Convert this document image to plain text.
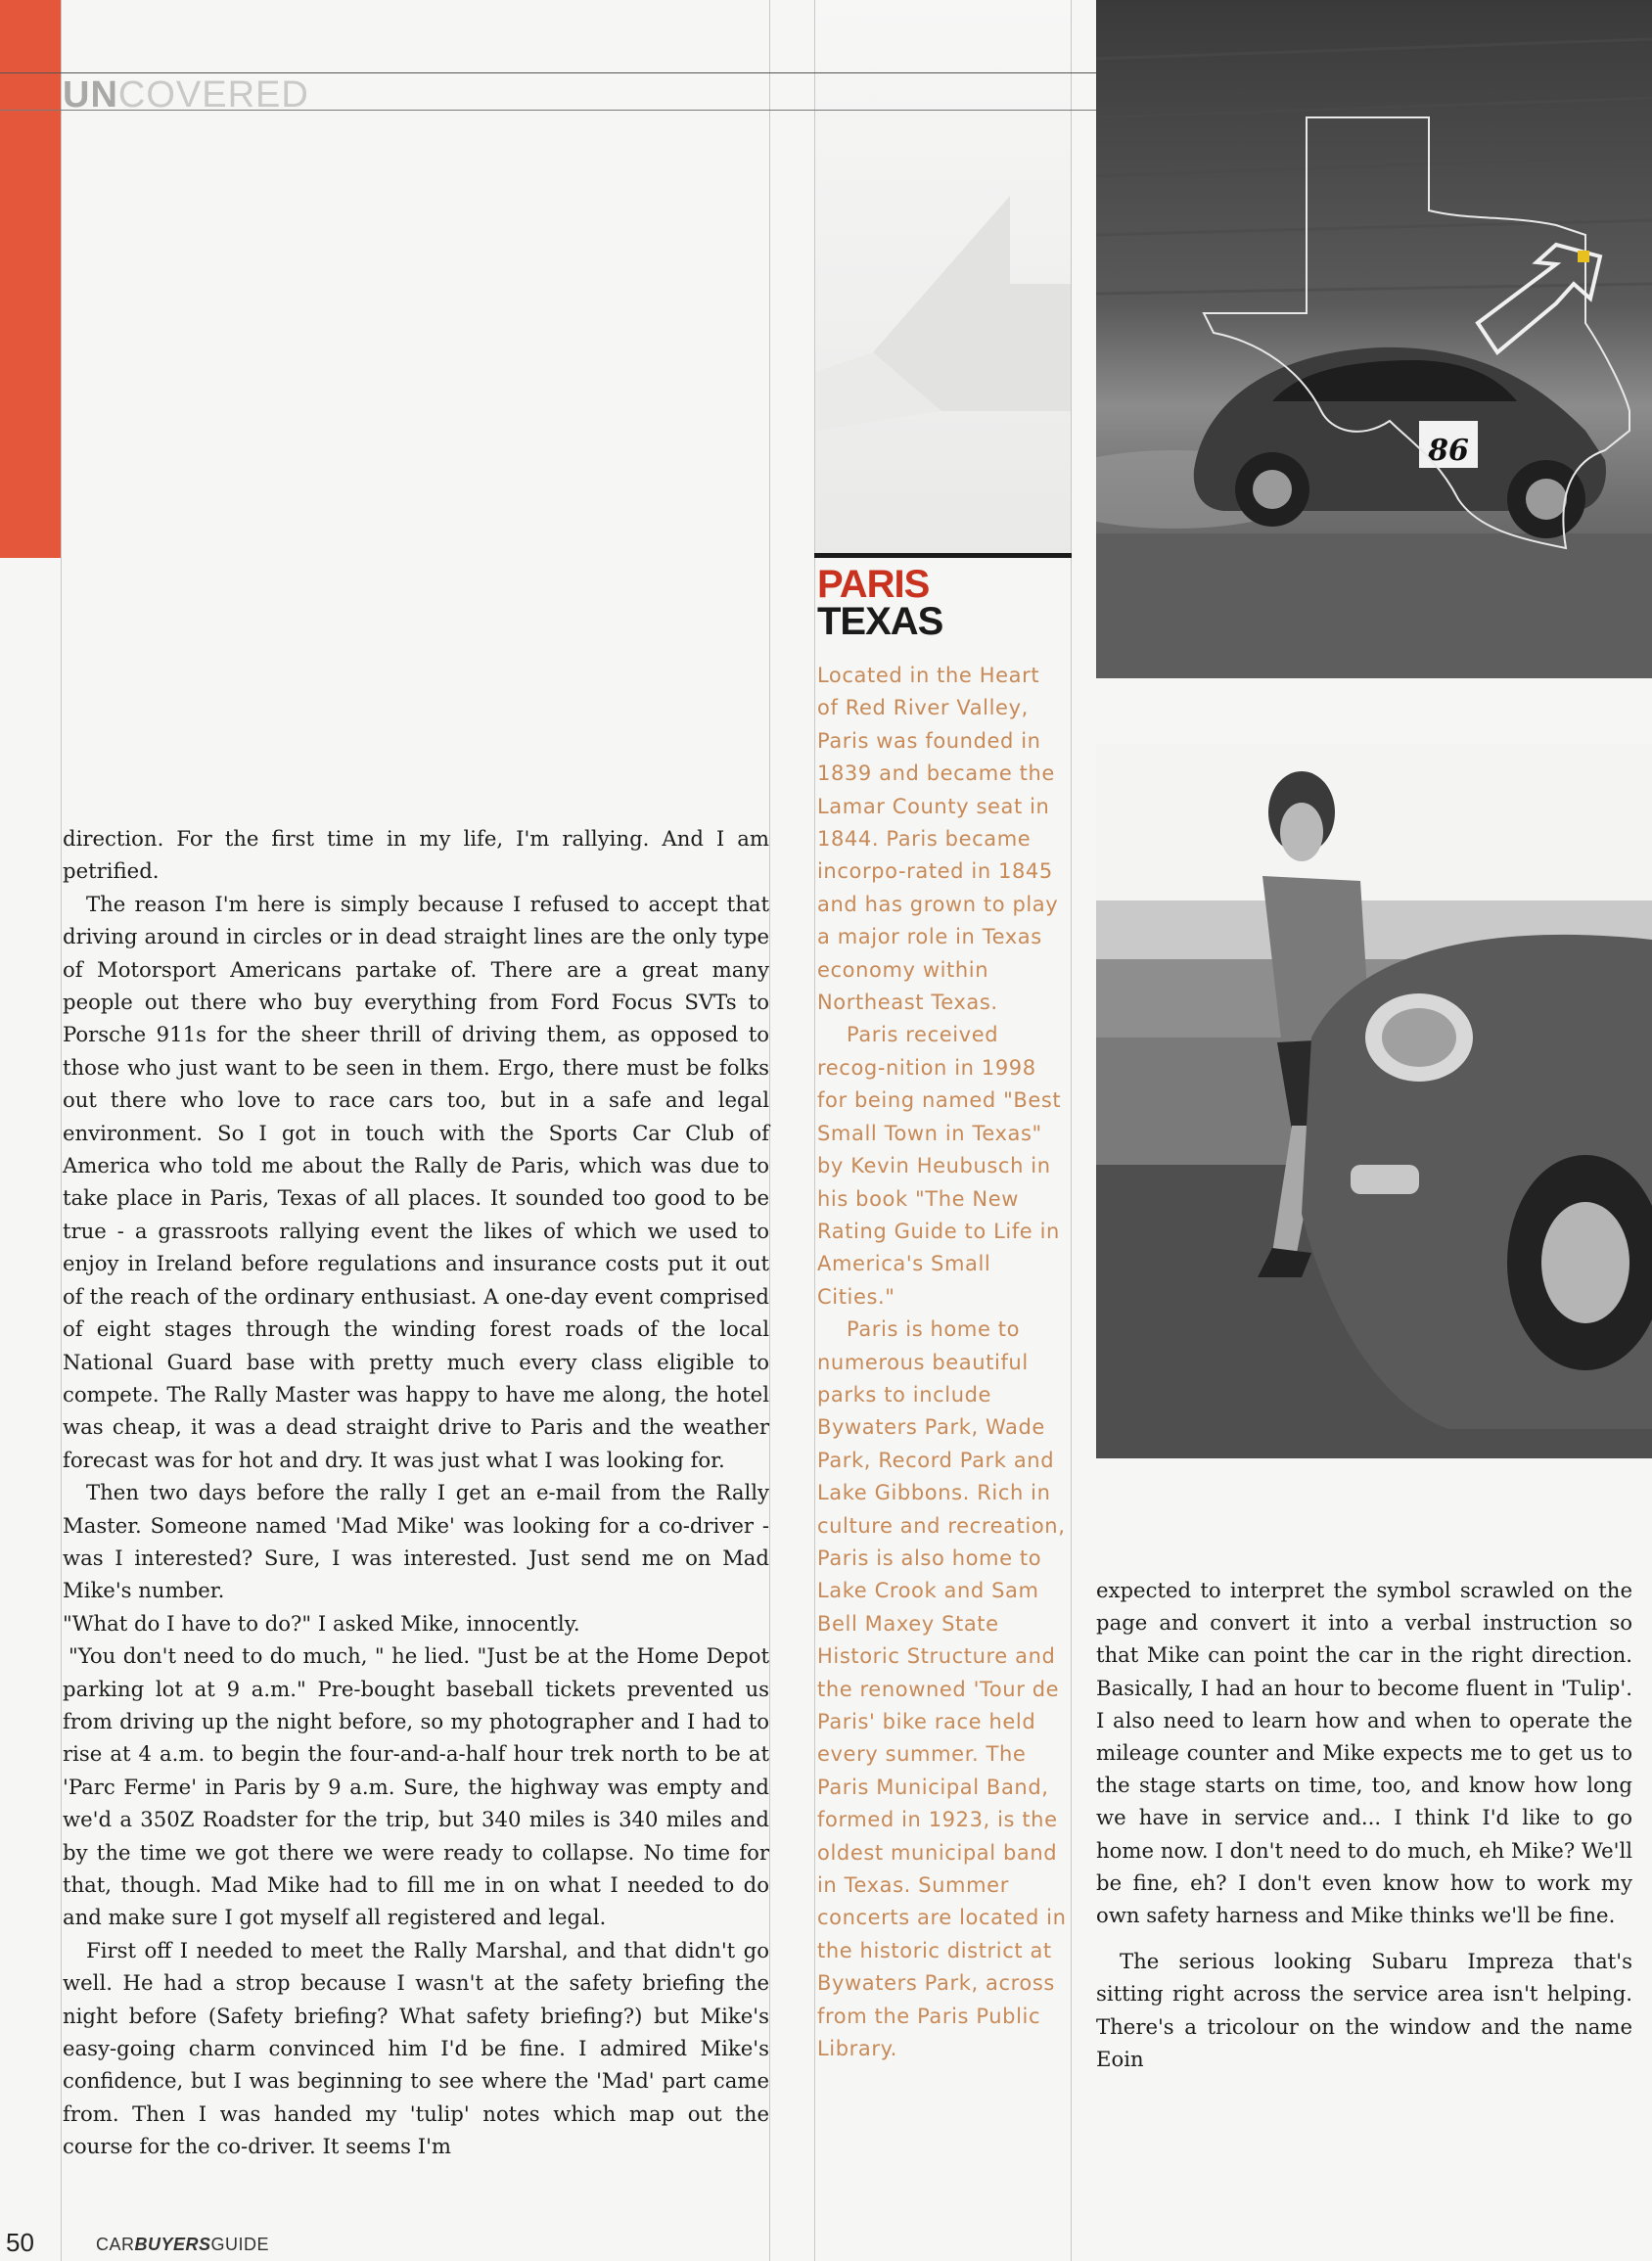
UNCOVERED

direction. For the first time in my life, I'm rallying. And I am petrified.

The reason I'm here is simply because I refused to accept that driving around in circles or in dead straight lines are the only type of Motorsport Americans partake of. There are a great many people out there who buy everything from Ford Focus SVTs to Porsche 911s for the sheer thrill of driving them, as opposed to those who just want to be seen in them. Ergo, there must be folks out there who love to race cars too, but in a safe and legal environment. So I got in touch with the Sports Car Club of America who told me about the Rally de Paris, which was due to take place in Paris, Texas of all places. It sounded too good to be true - a grassroots rallying event the likes of which we used to enjoy in Ireland before regulations and insurance costs put it out of the reach of the ordinary enthusiast. A one-day event comprised of eight stages through the winding forest roads of the local National Guard base with pretty much every class eligible to compete. The Rally Master was happy to have me along, the hotel was cheap, it was a dead straight drive to Paris and the weather forecast was for hot and dry. It was just what I was looking for.

Then two days before the rally I get an e-mail from the Rally Master. Someone named 'Mad Mike' was looking for a co-driver - was I interested? Sure, I was interested. Just send me on Mad Mike's number.

"What do I have to do?" I asked Mike, innocently.

"You don't need to do much, " he lied. "Just be at the Home Depot parking lot at 9 a.m." Pre-bought baseball tickets prevented us from driving up the night before, so my photographer and I had to rise at 4 a.m. to begin the four-and-a-half hour trek north to be at 'Parc Ferme' in Paris by 9 a.m. Sure, the highway was empty and we'd a 350Z Roadster for the trip, but 340 miles is 340 miles and by the time we got there we were ready to collapse. No time for that, though. Mad Mike had to fill me in on what I needed to do and make sure I got myself all registered and legal.

First off I needed to meet the Rally Marshal, and that didn't go well. He had a strop because I wasn't at the safety briefing the night before (Safety briefing? What safety briefing?) but Mike's easy-going charm convinced him I'd be fine. I admired Mike's confidence, but I was beginning to see where the 'Mad' part came from. Then I was handed my 'tulip' notes which map out the course for the co-driver. It seems I'm

PARIS
TEXAS

Located in the Heart of Red River Valley, Paris was founded in 1839 and became the Lamar County seat in 1844. Paris became incorpo-rated in 1845 and has grown to play a major role in Texas economy within Northeast Texas.

Paris received recog-nition in 1998 for being named "Best Small Town in Texas" by Kevin Heubusch in his book "The New Rating Guide to Life in America's Small Cities."

Paris is home to numerous beautiful parks to include Bywaters Park, Wade Park, Record Park and Lake Gibbons. Rich in culture and recreation, Paris is also home to Lake Crook and Sam Bell Maxey State Historic Structure and the renowned 'Tour de Paris' bike race held every summer. The Paris Municipal Band, formed in 1923, is the oldest municipal band in Texas. Summer concerts are located in the historic district at Bywaters Park, across from the Paris Public Library.

86

expected to interpret the symbol scrawled on the page and convert it into a verbal instruction so that Mike can point the car in the right direction. Basically, I had an hour to become fluent in 'Tulip'. I also need to learn how and when to operate the mileage counter and Mike expects me to get us to the stage starts on time, too, and know how long we have in service and... I think I'd like to go home now. I don't need to do much, eh Mike? We'll be fine, eh? I don't even know how to work my own safety harness and Mike thinks we'll be fine.

The serious looking Subaru Impreza that's sitting right across the service area isn't helping. There's a tricolour on the window and the name Eoin

50	CARBUYERSGUIDE
